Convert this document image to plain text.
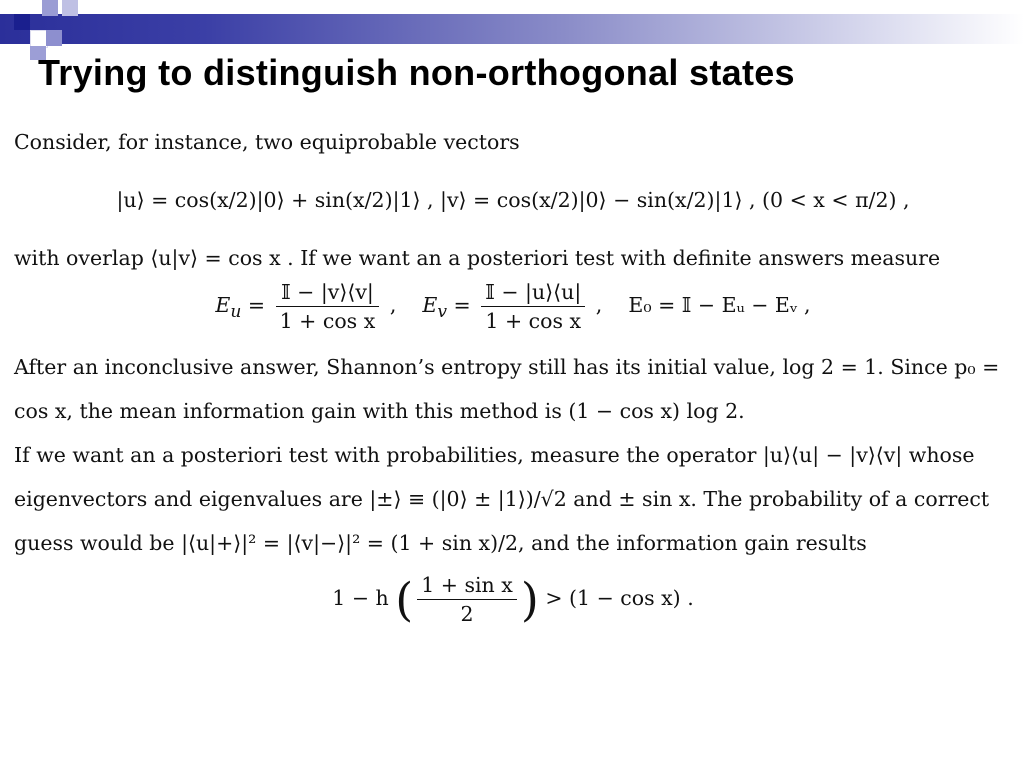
Trying to distinguish non-orthogonal states

Consider, for instance, two equiprobable vectors

|u⟩ = cos(x/2)|0⟩ + sin(x/2)|1⟩ , |v⟩ = cos(x/2)|0⟩ − sin(x/2)|1⟩ , (0 < x < π/2) ,

with overlap ⟨u|v⟩ = cos x . If we want an a posteriori test with definite answers measure

$E_u = \frac{\text{𝕀 − |v⟩⟨v|}}{\text{1 + cos x}}$ ,    $E_v = \frac{\text{𝕀 − |u⟩⟨u|}}{\text{1 + cos x}}$ ,    E₀ = 𝕀 − Eᵤ − Eᵥ ,

After an inconclusive answer, Shannon’s entropy still has its initial value, log 2 = 1. Since p₀ = cos x, the mean information gain with this method is (1 − cos x) log 2.

If we want an a posteriori test with probabilities, measure the operator |u⟩⟨u| − |v⟩⟨v| whose eigenvectors and eigenvalues are |±⟩ ≡ (|0⟩ ± |1⟩)/√2 and ± sin x. The probability of a correct guess would be |⟨u|+⟩|² = |⟨v|−⟩|² = (1 + sin x)/2, and the information gain results

1 − h ( $\frac{\text{1 + sin x}}{2}$ ) > (1 − cos x) .
